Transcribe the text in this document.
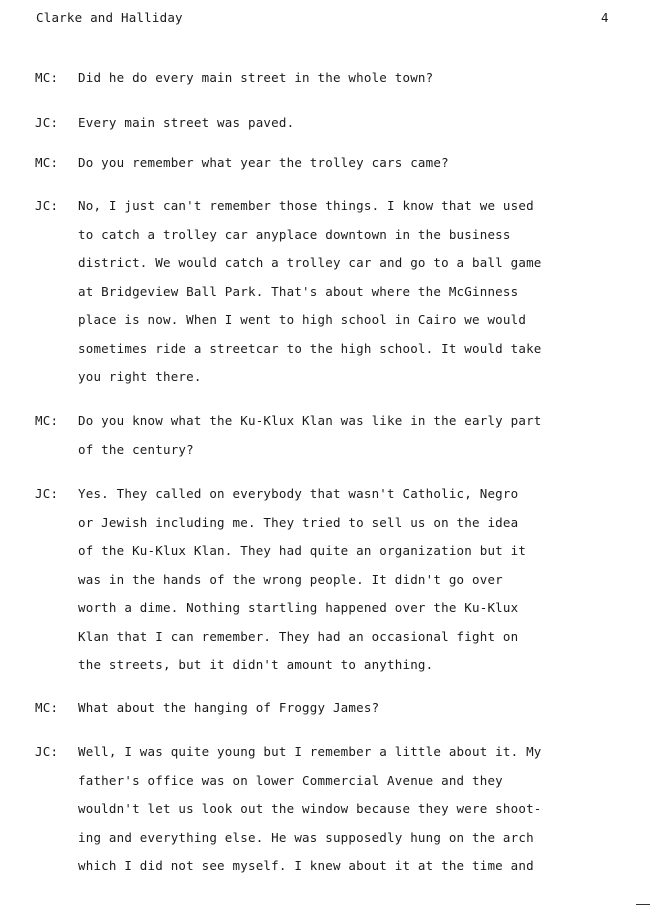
Clarke and Halliday	4
MC: Did he do every main street in the whole town?
JC: Every main street was paved.
MC: Do you remember what year the trolley cars came?
JC: No, I just can't remember those things. I know that we used
to catch a trolley car anyplace downtown in the business
district. We would catch a trolley car and go to a ball game
at Bridgeview Ball Park. That's about where the McGinness
place is now. When I went to high school in Cairo we would
sometimes ride a streetcar to the high school. It would take
you right there.
MC: Do you know what the Ku-Klux Klan was like in the early part
of the century?
JC: Yes. They called on everybody that wasn't Catholic, Negro
or Jewish including me. They tried to sell us on the idea
of the Ku-Klux Klan. They had quite an organization but it
was in the hands of the wrong people. It didn't go over
worth a dime. Nothing startling happened over the Ku-Klux
Klan that I can remember. They had an occasional fight on
the streets, but it didn't amount to anything.
MC: What about the hanging of Froggy James?
JC: Well, I was quite young but I remember a little about it. My
father's office was on lower Commercial Avenue and they
wouldn't let us look out the window because they were shoot-
ing and everything else. He was supposedly hung on the arch
which I did not see myself. I knew about it at the time and
